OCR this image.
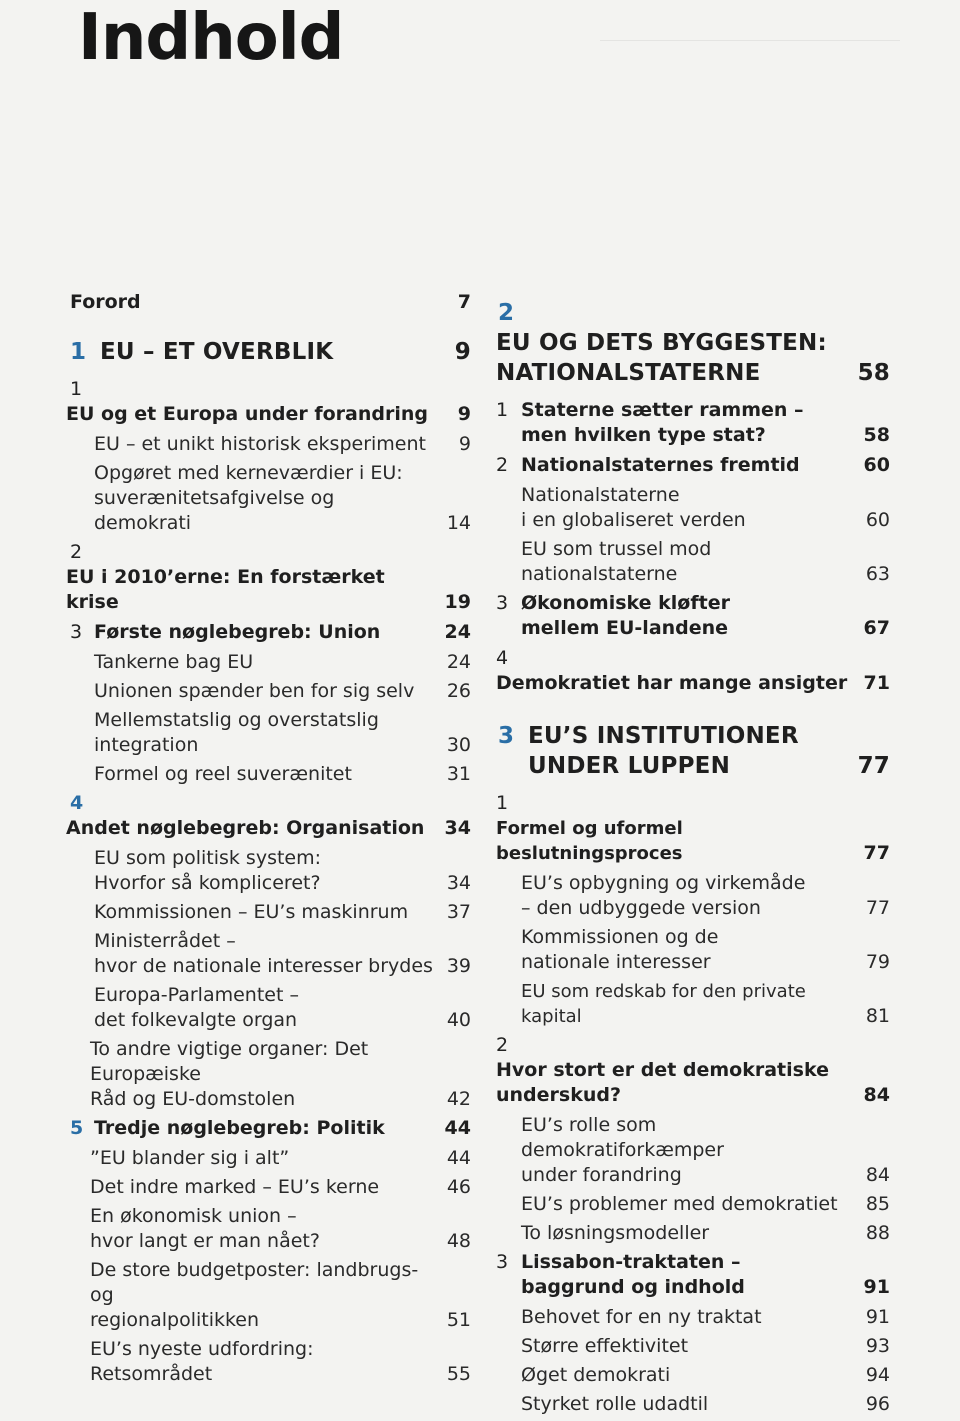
Indhold
Forord	7
1 EU – ET OVERBLIK	9
1EU og et Europa under forandring	9
EU – et unikt historisk eksperiment	9
Opgøret med kerneværdier i EU:
suverænitetsafgivelse og demokrati	14
2EU i 2010’erne: En forstærket krise	19
3 Første nøglebegreb: Union	24
Tankerne bag EU	24
Unionen spænder ben for sig selv	26
Mellemstatslig og overstatslig
integration	30
Formel og reel suverænitet	31
4Andet nøglebegreb: Organisation	34
EU som politisk system:
Hvorfor så kompliceret?	34
Kommissionen – EU’s maskinrum	37
Ministerrådet –
hvor de nationale interesser brydes 39
Europa-Parlamentet –
det folkevalgte organ	40
To andre vigtige organer: Det Europæiske
Råd og EU-domstolen	42
5 Tredje nøglebegreb: Politik	44
”EU blander sig i alt”	44
Det indre marked – EU’s kerne	46
En økonomisk union –
hvor langt er man nået?	48
De store budgetposter: landbrugs- og
regionalpolitikken	51
EU’s nyeste udfordring: Retsområdet	55
2EU OG DETS BYGGESTEN:
NATIONALSTATERNE	58
1 Staterne sætter rammen –
men hvilken type stat?	58
2 Nationalstaternes fremtid	60
Nationalstaterne
i en globaliseret verden	60
EU som trussel mod nationalstaterne	63
3 Økonomiske kløfter
mellem EU-landene	67
4Demokratiet har mange ansigter 71
3 EU’S INSTITUTIONER
UNDER LUPPEN	77
1Formel og uformel beslutningsproces	77
EU’s opbygning og virkemåde
– den udbyggede version	77
Kommissionen og de
nationale interesser	79
EU som redskab for den private kapital	81
2Hvor stort er det demokratiske
underskud?	84
EU’s rolle som demokratiforkæmper
under forandring	84
EU’s problemer med demokratiet	85
To løsningsmodeller	88
3 Lissabon-traktaten –
baggrund og indhold	91
Behovet for en ny traktat	91
Større effektivitet	93
Øget demokrati	94
Styrket rolle udadtil	96
